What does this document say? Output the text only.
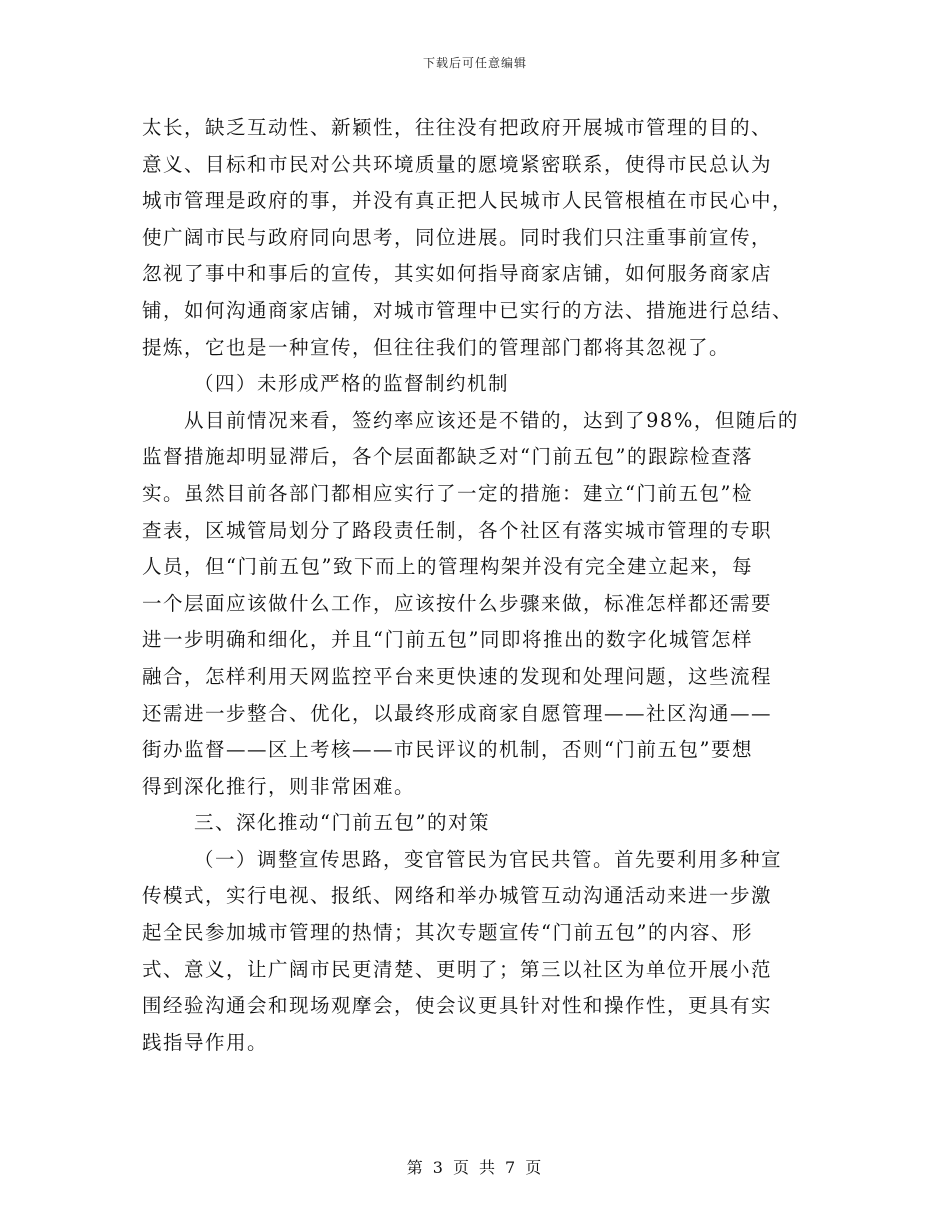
下载后可任意编辑
太长，缺乏互动性、新颖性，往往没有把政府开展城市管理的目的、
意义、目标和市民对公共环境质量的愿境紧密联系，使得市民总认为
城市管理是政府的事，并没有真正把人民城市人民管根植在市民心中，
使广阔市民与政府同向思考，同位进展。同时我们只注重事前宣传，
忽视了事中和事后的宣传，其实如何指导商家店铺，如何服务商家店
铺，如何沟通商家店铺，对城市管理中已实行的方法、措施进行总结、
提炼，它也是一种宣传，但往往我们的管理部门都将其忽视了。
（四）未形成严格的监督制约机制
从目前情况来看，签约率应该还是不错的，达到了98%，但随后的
监督措施却明显滞后，各个层面都缺乏对“门前五包”的跟踪检查落
实。虽然目前各部门都相应实行了一定的措施：建立“门前五包”检
查表，区城管局划分了路段责任制，各个社区有落实城市管理的专职
人员，但“门前五包”致下而上的管理构架并没有完全建立起来，每
一个层面应该做什么工作，应该按什么步骤来做，标准怎样都还需要
进一步明确和细化，并且“门前五包”同即将推出的数字化城管怎样
融合，怎样利用天网监控平台来更快速的发现和处理问题，这些流程
还需进一步整合、优化，以最终形成商家自愿管理——社区沟通——
街办监督——区上考核——市民评议的机制，否则“门前五包”要想
得到深化推行，则非常困难。
三、深化推动“门前五包”的对策
（一）调整宣传思路，变官管民为官民共管。首先要利用多种宣
传模式，实行电视、报纸、网络和举办城管互动沟通活动来进一步激
起全民参加城市管理的热情；其次专题宣传“门前五包”的内容、形
式、意义，让广阔市民更清楚、更明了；第三以社区为单位开展小范
围经验沟通会和现场观摩会，使会议更具针对性和操作性，更具有实
践指导作用。
第 3 页 共 7 页
